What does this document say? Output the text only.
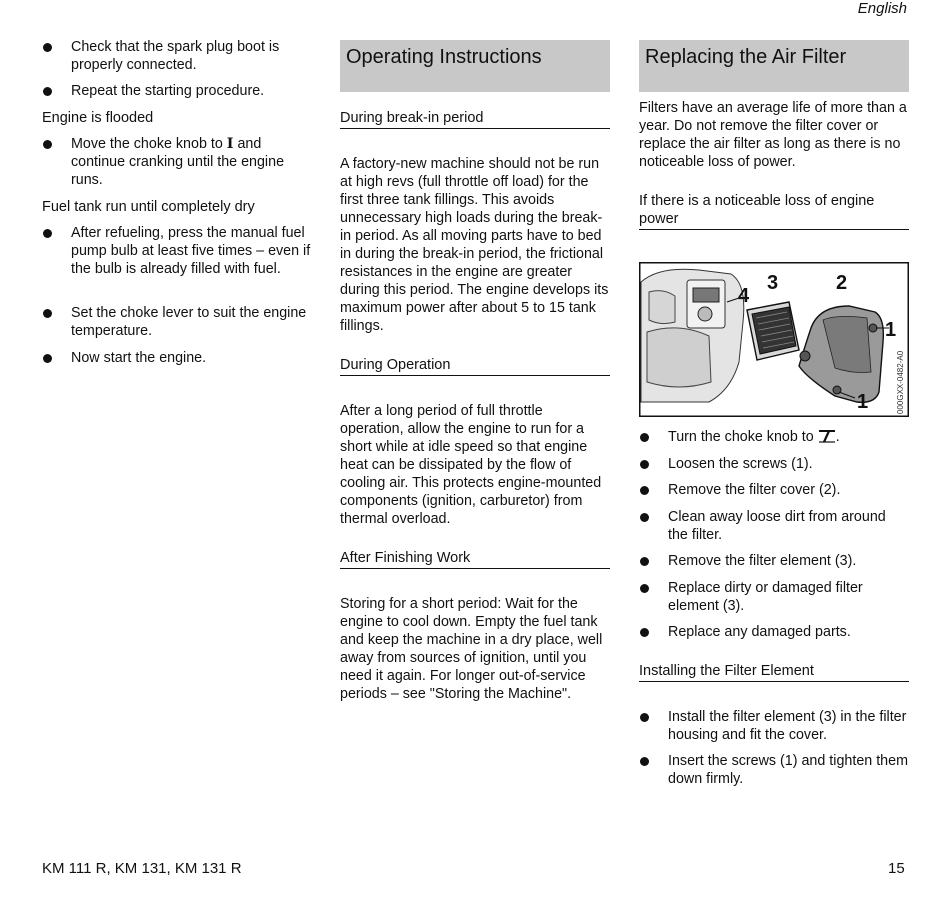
English
Check that the spark plug boot is properly connected.
Repeat the starting procedure.
Engine is flooded
Move the choke knob to I and continue cranking until the engine runs.
Fuel tank run until completely dry
After refueling, press the manual fuel pump bulb at least five times – even if the bulb is already filled with fuel.
Set the choke lever to suit the engine temperature.
Now start the engine.
Operating Instructions
During break-in period
A factory-new machine should not be run at high revs (full throttle off load) for the first three tank fillings. This avoids unnecessary high loads during the break-in period. As all moving parts have to bed in during the break-in period, the frictional resistances in the engine are greater during this period. The engine develops its maximum power after about 5 to 15 tank fillings.
During Operation
After a long period of full throttle operation, allow the engine to run for a short while at idle speed so that engine heat can be dissipated by the flow of cooling air. This protects engine-mounted components (ignition, carburetor) from thermal overload.
After Finishing Work
Storing for a short period: Wait for the engine to cool down. Empty the fuel tank and keep the machine in a dry place, well away from sources of ignition, until you need it again. For longer out-of-service periods – see "Storing the Machine".
Replacing the Air Filter
Filters have an average life of more than a year. Do not remove the filter cover or replace the air filter as long as there is no noticeable loss of power.
If there is a noticeable loss of engine power
Turn the choke knob to .
Loosen the screws (1).
Remove the filter cover (2).
Clean away loose dirt from around the filter.
Remove the filter element (3).
Replace dirty or damaged filter element (3).
Replace any damaged parts.
Installing the Filter Element
Install the filter element (3) in the filter housing and fit the cover.
Insert the screws (1) and tighten them down firmly.
4
3	2
1
1	000GXX-0482-A0
KM 111 R, KM 131, KM 131 R	15
